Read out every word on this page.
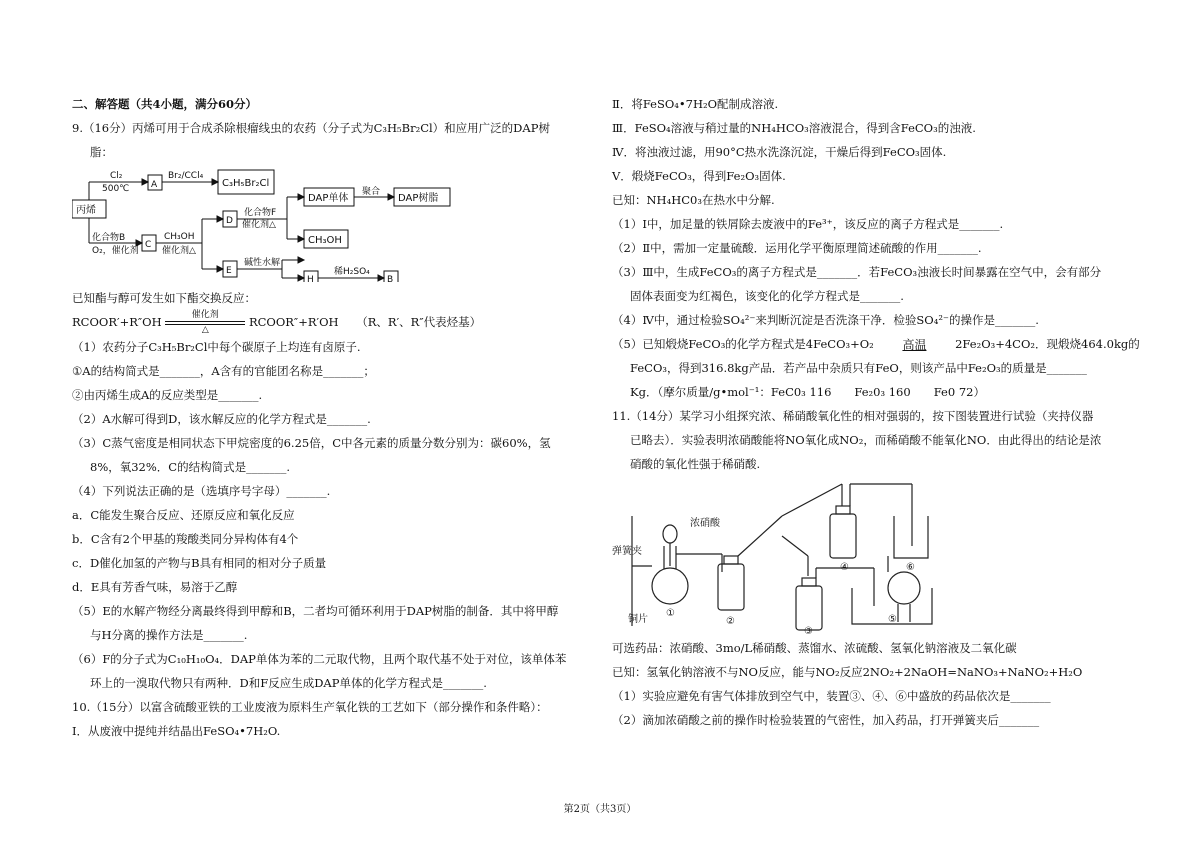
二、解答题（共4小题，满分60分）
9.（16分）丙烯可用于合成杀除根瘤线虫的农药（分子式为C₃H₅Br₂Cl）和应用广泛的DAP树
脂：
丙烯
Cl₂
500℃ A
Br₂/CCl₄
C₃H₅Br₂Cl
化合物B
O₂，催化剂
C
CH₃OH
催化剂△
D
化合物F
催化剂△
DAP单体
聚合
DAP树脂
CH₃OH
E
碱性水解
H
稀H₂SO₄
B
已知酯与醇可发生如下酯交换反应：
RCOOR′+R″OH	催化剂
△
RCOOR″+R′OH （R、R′、R″代表烃基）
（1）农药分子C₃H₅Br₂Cl中每个碳原子上均连有卤原子.
①A的结构简式是_______，A含有的官能团名称是_______；
②由丙烯生成A的反应类型是_______.
（2）A水解可得到D，该水解反应的化学方程式是_______.
（3）C蒸气密度是相同状态下甲烷密度的6.25倍，C中各元素的质量分数分别为：碳60%，氢
8%，氧32%．C的结构简式是_______.
（4）下列说法正确的是（选填序号字母）_______.
a．C能发生聚合反应、还原反应和氧化反应
b．C含有2个甲基的羧酸类同分异构体有4个
c．D催化加氢的产物与B具有相同的相对分子质量
d．E具有芳香气味，易溶于乙醇
（5）E的水解产物经分离最终得到甲醇和B，二者均可循环利用于DAP树脂的制备．其中将甲醇
与H分离的操作方法是_______.
（6）F的分子式为C₁₀H₁₀O₄．DAP单体为苯的二元取代物，且两个取代基不处于对位，该单体苯
环上的一溴取代物只有两种．D和F反应生成DAP单体的化学方程式是_______.
10.（15分）以富含硫酸亚铁的工业废液为原料生产氧化铁的工艺如下（部分操作和条件略）：
Ⅰ．从废液中提纯并结晶出FeSO₄•7H₂O.
Ⅱ．将FeSO₄•7H₂O配制成溶液.
Ⅲ．FeSO₄溶液与稍过量的NH₄HCO₃溶液混合，得到含FeCO₃的浊液.
Ⅳ．将浊液过滤，用90°C热水洗涤沉淀，干燥后得到FeCO₃固体.
Ⅴ．煅烧FeCO₃，得到Fe₂O₃固体.
已知：NH₄HC0₃在热水中分解.
（1）Ⅰ中，加足量的铁屑除去废液中的Fe³⁺，该反应的离子方程式是_______.
（2）Ⅱ中，需加一定量硫酸．运用化学平衡原理简述硫酸的作用_______.
（3）Ⅲ中，生成FeCO₃的离子方程式是_______．若FeCO₃浊液长时间暴露在空气中，会有部分
固体表面变为红褐色，该变化的化学方程式是_______.
（4）Ⅳ中，通过检验SO₄²⁻来判断沉淀是否洗涤干净．检验SO₄²⁻的操作是_______.
（5）已知煅烧FeCO₃的化学方程式是4FeCO₃+O₂	高温	2Fe₂O₃+4CO₂．现煅烧464.0kg的
FeCO₃，得到316.8kg产品．若产品中杂质只有FeO，则该产品中Fe₂O₃的质量是_______
Kg．（摩尔质量/g•mol⁻¹：FeC0₃ 116　　Fe₂0₃ 160　　Fe0 72）
11.（14分）某学习小组探究浓、稀硝酸氧化性的相对强弱的，按下图装置进行试验（夹持仪器
已略去）．实验表明浓硝酸能将NO氧化成NO₂，而稀硝酸不能氧化NO．由此得出的结论是浓
硝酸的氧化性强于稀硝酸.
浓硝酸
弹簧夹
铜片
①
②
③
④
⑤
⑥
可选药品：浓硝酸、3mo/L稀硝酸、蒸馏水、浓硫酸、氢氧化钠溶液及二氧化碳
已知：氢氧化钠溶液不与NO反应，能与NO₂反应2NO₂+2NaOH=NaNO₃+NaNO₂+H₂O
（1）实验应避免有害气体排放到空气中，装置③、④、⑥中盛放的药品依次是_______
（2）滴加浓硝酸之前的操作时检验装置的气密性，加入药品，打开弹簧夹后_______
第2页（共3页）
